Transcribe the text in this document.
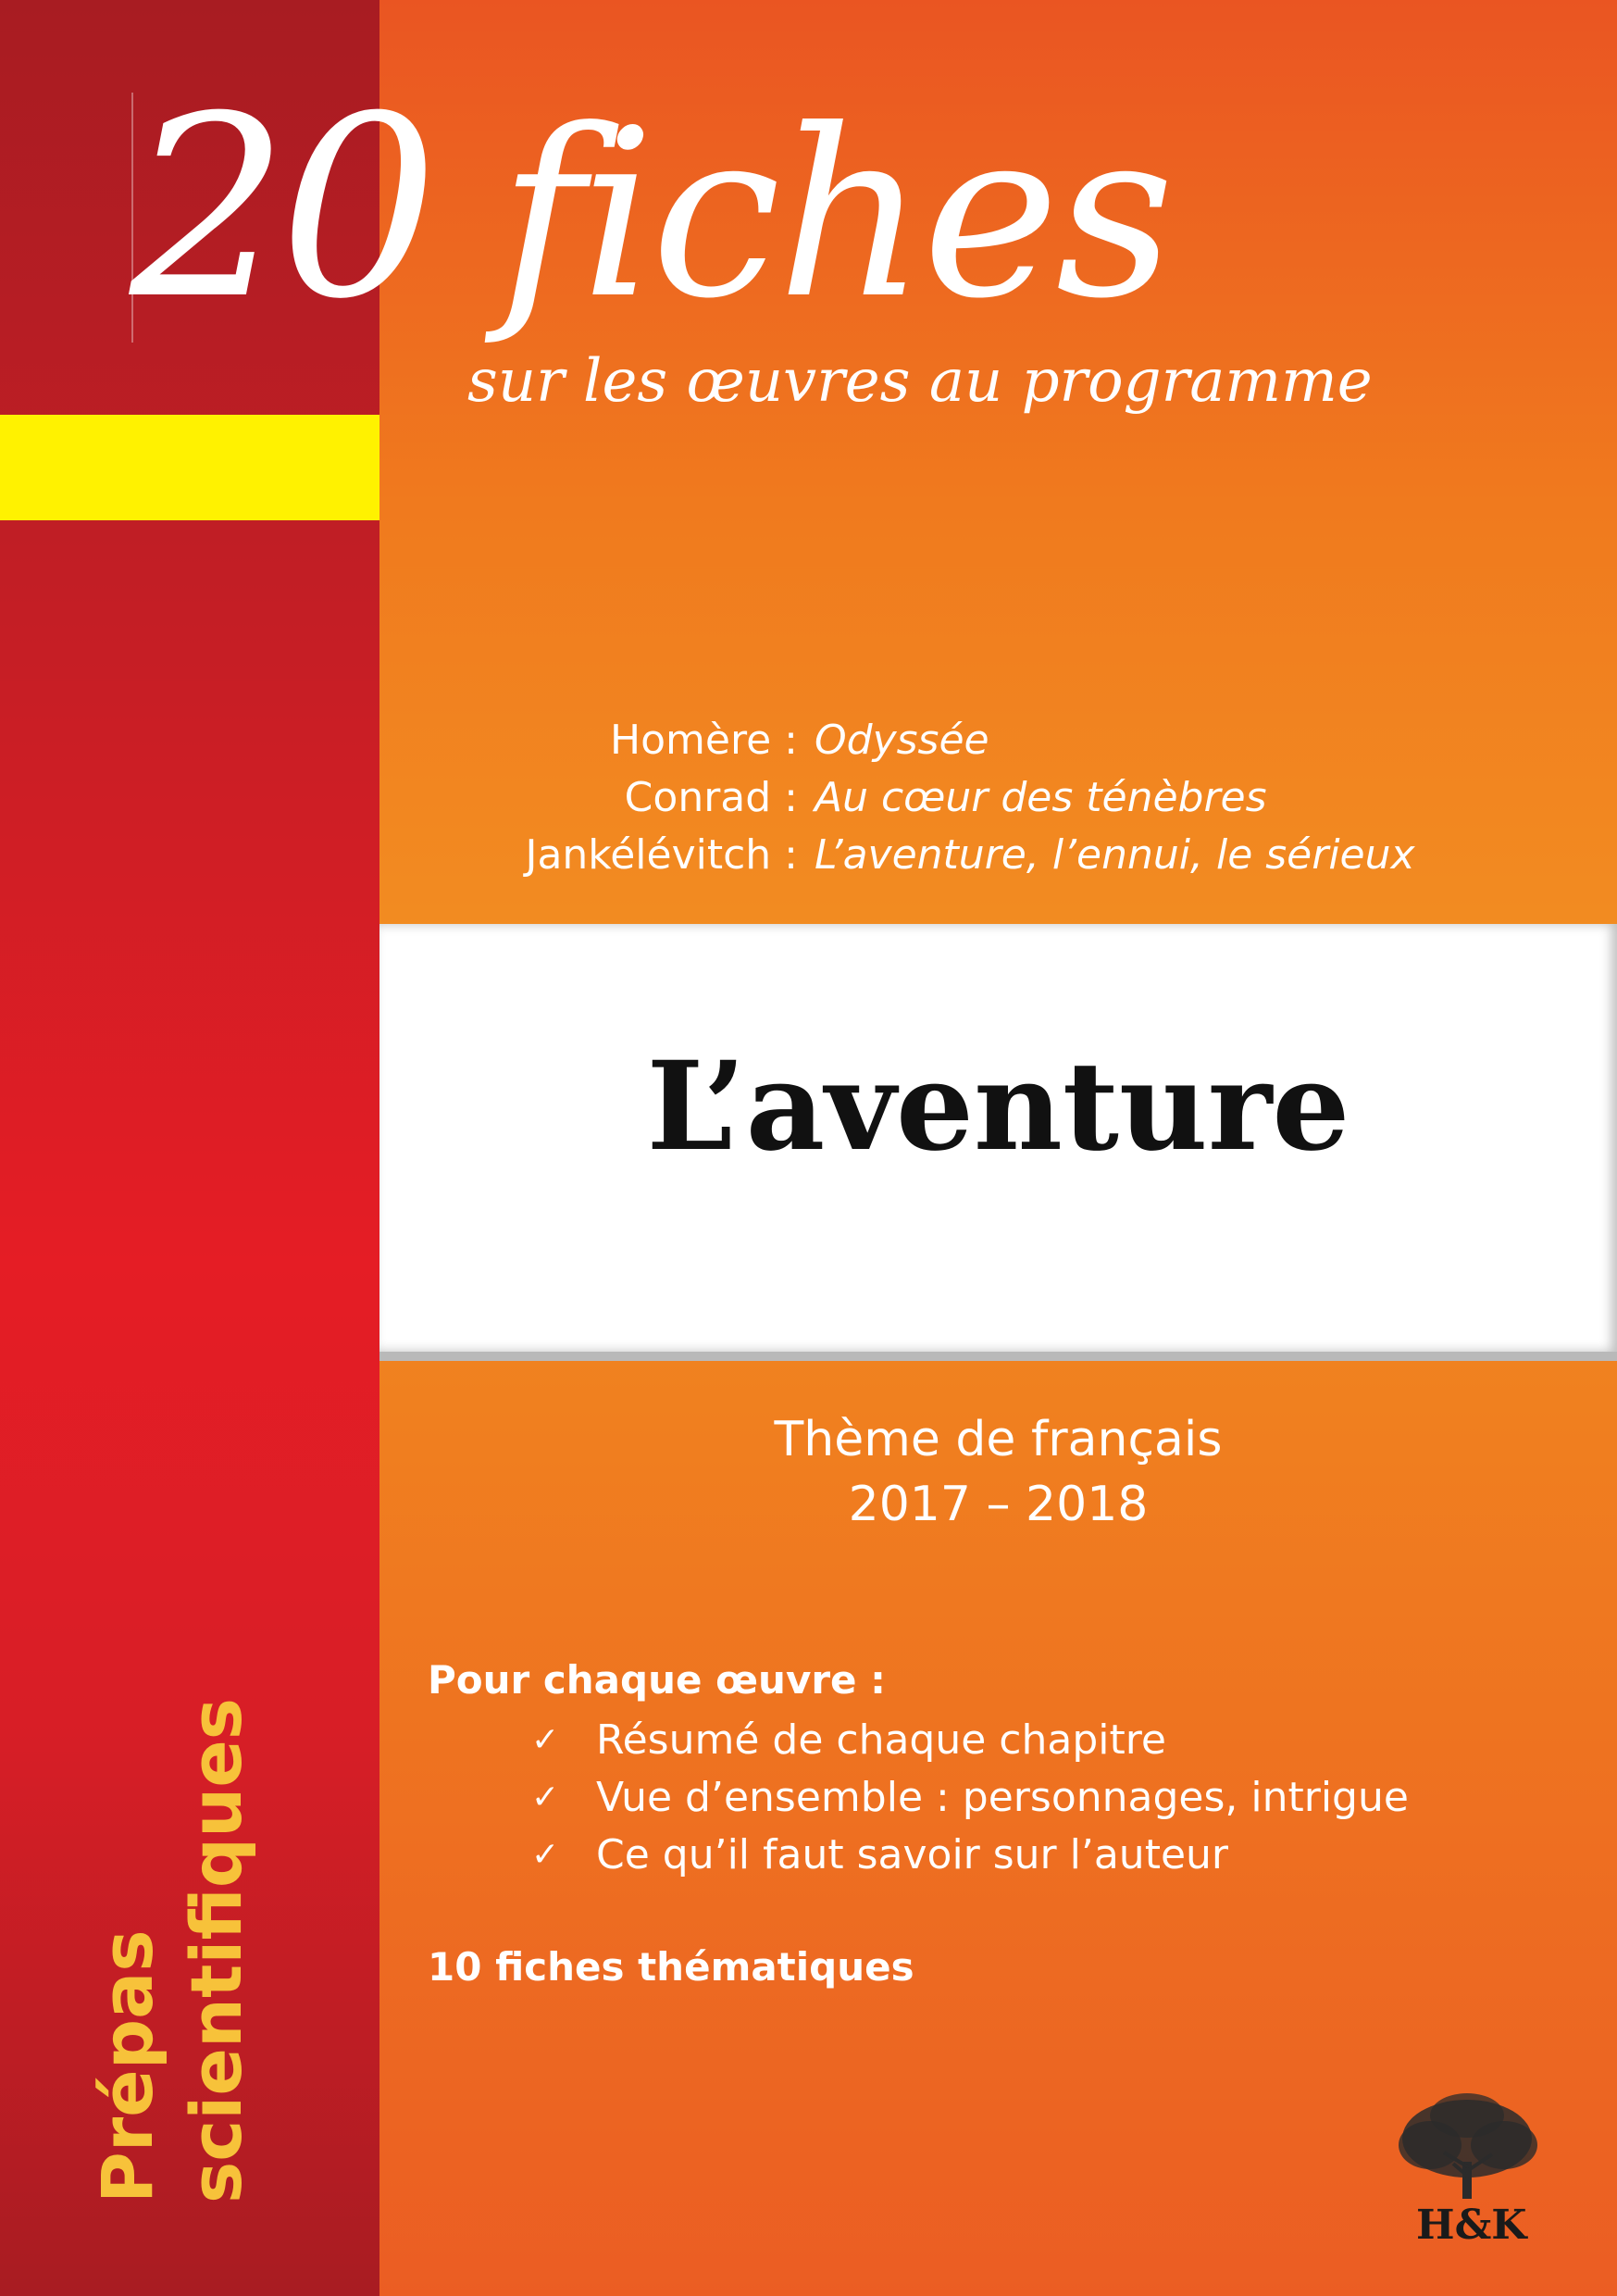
20 fiches
sur les œuvres au programme
Homère : Odyssée
Conrad : Au cœur des ténèbres
Jankélévitch : L’aventure, l’ennui, le sérieux
L’aventure
Thème de français
2017 – 2018
Pour chaque œuvre :
✓ Résumé de chaque chapitre
✓ Vue d’ensemble : personnages, intrigue
✓ Ce qu’il faut savoir sur l’auteur
10 fiches thématiques
Prépas scientifiques
H&K
